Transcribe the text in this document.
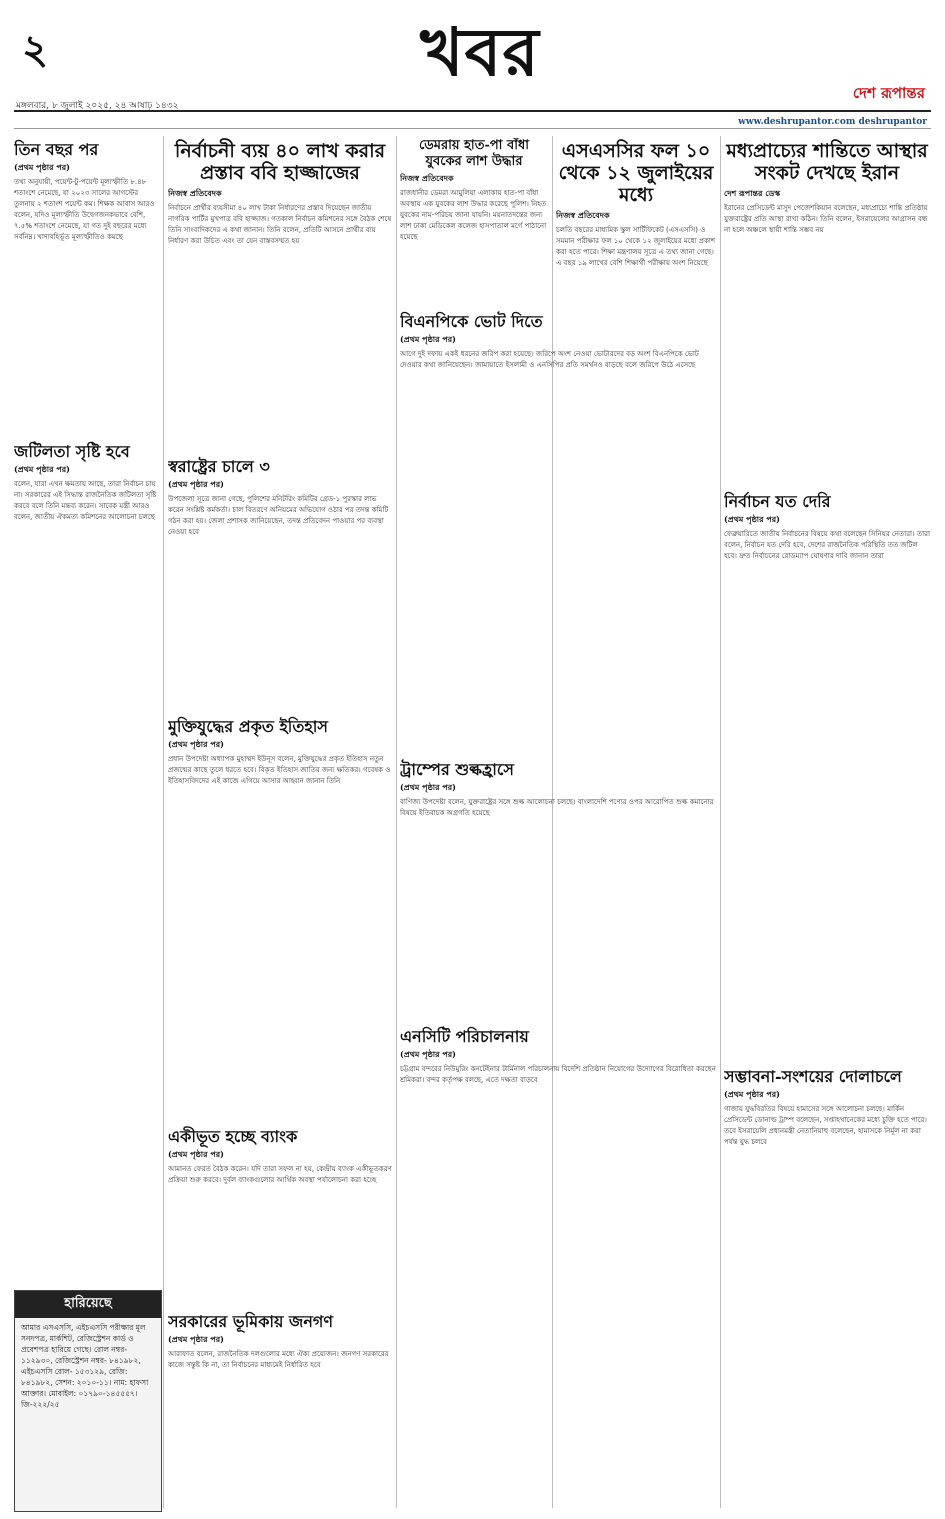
২	খবর
দেশ রূপান্তর
মঙ্গলবার, ৮ জুলাই ২০২৫, ২৪ আষাঢ় ১৪৩২
www.deshrupantor.com deshrupantor
তিন বছর পর
(প্রথম পৃষ্ঠার পর)
তথ্য অনুযায়ী, পয়েন্ট-টু-পয়েন্ট মূল্যস্ফীতি ৮.৪৮ শতাংশে নেমেছে, যা ২০২৩ সালের আগস্টের তুলনায় ২ শতাংশ পয়েন্ট কম। শিক্ষক আবাস আরও বলেন, যদিও মূল্যস্ফীতি উদ্বেগজনকভাবে বেশি, ৭.৫% শতাংশে নেমেছে, যা গত দুই বছরের মধ্যে সর্বনিম্ন। খাদ্যবহির্ভূত মূল্যস্ফীতিও কমছে
জটিলতা সৃষ্টি হবে
(প্রথম পৃষ্ঠার পর)
বলেন, যারা এখন ক্ষমতায় আছে, তারা নির্বাচন চায় না। সরকারের এই সিদ্ধান্ত রাজনৈতিক জটিলতা সৃষ্টি করবে বলে তিনি মন্তব্য করেন। সাবেক মন্ত্রী আরও বলেন, জাতীয় ঐকমত্য কমিশনের আলোচনা চলছে
হারিয়েছে
আমার এসএসসি, এইচএসসি পরীক্ষার মূল সনদপত্র, মার্কশিট, রেজিস্ট্রেশন কার্ড ও প্রবেশপত্র হারিয়ে গেছে। রোল নম্বর- ১১২৯৩০, রেজিস্ট্রেশন নম্বর- ৮৪১৯৮২, এইচএসসি রোল- ১৫৩১২৯, রেজি: ৮৪১৯৮২, সেশন: ২০১০-১১। নাম: হাফসা আক্তার। মোবাইল: ০১৭৯০-১৪৫৫৫৭। জি-২২২/২৫
নির্বাচনী ব্যয় ৪০ লাখ করার প্রস্তাব ববি হাজ্জাজের
নিজস্ব প্রতিবেদক
নির্বাচনে প্রার্থীর ব্যয়সীমা ৪০ লাখ টাকা নির্ধারণের প্রস্তাব দিয়েছেন জাতীয় নাগরিক পার্টির মুখপাত্র ববি হাজ্জাজ। গতকাল নির্বাচন কমিশনের সঙ্গে বৈঠক শেষে তিনি সাংবাদিকদের এ কথা জানান। তিনি বলেন, প্রতিটি আসনে প্রার্থীর ব্যয় নির্ধারণ করা উচিত এবং তা যেন বাস্তবসম্মত হয়
স্বরাষ্ট্রের চালে ৩
(প্রথম পৃষ্ঠার পর)
উপজেলা সূত্রে জানা গেছে, পুলিশের মনিটরিং কমিটির গ্রেড-১ পুরস্কার লাভ করেন সংশ্লিষ্ট কর্মকর্তা। চাল বিতরণে অনিয়মের অভিযোগ ওঠার পর তদন্ত কমিটি গঠন করা হয়। জেলা প্রশাসক জানিয়েছেন, তদন্ত প্রতিবেদন পাওয়ার পর ব্যবস্থা নেওয়া হবে
মুক্তিযুদ্ধের প্রকৃত ইতিহাস
(প্রথম পৃষ্ঠার পর)
প্রধান উপদেষ্টা অধ্যাপক মুহাম্মদ ইউনূস বলেন, মুক্তিযুদ্ধের প্রকৃত ইতিহাস নতুন প্রজন্মের কাছে তুলে ধরতে হবে। বিকৃত ইতিহাস জাতির জন্য ক্ষতিকর। গবেষক ও ইতিহাসবিদদের এই কাজে এগিয়ে আসার আহ্বান জানান তিনি
একীভূত হচ্ছে ব্যাংক
(প্রথম পৃষ্ঠার পর)
আমানত ফেরত বৈঠক করেন। যদি তারা সফল না হয়, কেন্দ্রীয় ব্যাংক একীভূতকরণ প্রক্রিয়া শুরু করবে। দুর্বল ব্যাংকগুলোর আর্থিক অবস্থা পর্যালোচনা করা হচ্ছে
সরকারের ভূমিকায় জনগণ
(প্রথম পৃষ্ঠার পর)
আরাফাত বলেন, রাজনৈতিক দলগুলোর মধ্যে ঐক্য প্রয়োজন। জনগণ সরকারের কাজে সন্তুষ্ট কি না, তা নির্বাচনের মাধ্যমেই নির্ধারিত হবে
ডেমরায় হাত-পা বাঁধা যুবকের লাশ উদ্ধার
নিজস্ব প্রতিবেদক
রাজধানীর ডেমরা আমুলিয়া এলাকায় হাত-পা বাঁধা অবস্থায় এক যুবকের লাশ উদ্ধার করেছে পুলিশ। নিহত যুবকের নাম-পরিচয় জানা যায়নি। ময়নাতদন্তের জন্য লাশ ঢাকা মেডিকেল কলেজ হাসপাতাল মর্গে পাঠানো হয়েছে
এসএসসির ফল ১০ থেকে ১২ জুলাইয়ের মধ্যে
নিজস্ব প্রতিবেদক
চলতি বছরের মাধ্যমিক স্কুল সার্টিফিকেট (এসএসসি) ও সমমান পরীক্ষার ফল ১০ থেকে ১২ জুলাইয়ের মধ্যে প্রকাশ করা হতে পারে। শিক্ষা মন্ত্রণালয় সূত্রে এ তথ্য জানা গেছে। এ বছর ১৯ লাখের বেশি শিক্ষার্থী পরীক্ষায় অংশ নিয়েছে
বিএনপিকে ভোট দিতে
(প্রথম পৃষ্ঠার পর)
আগে দুই দফায় একই ধরনের জরিপ করা হয়েছে। জরিপে অংশ নেওয়া ভোটারদের বড় অংশ বিএনপিকে ভোট দেওয়ার কথা জানিয়েছেন। জামায়াতে ইসলামী ও এনসিপির প্রতি সমর্থনও বাড়ছে বলে জরিপে উঠে এসেছে
ট্রাম্পের শুল্কহ্রাসে
(প্রথম পৃষ্ঠার পর)
বাণিজ্য উপদেষ্টা বলেন, যুক্তরাষ্ট্রের সঙ্গে শুল্ক আলোচনা চলছে। বাংলাদেশি পণ্যের ওপর আরোপিত শুল্ক কমানোর বিষয়ে ইতিবাচক অগ্রগতি হয়েছে
এনসিটি পরিচালনায়
(প্রথম পৃষ্ঠার পর)
চট্টগ্রাম বন্দরের নিউমুরিং কনটেইনার টার্মিনাল পরিচালনায় বিদেশি প্রতিষ্ঠান নিয়োগের উদ্যোগের বিরোধিতা করছেন শ্রমিকরা। বন্দর কর্তৃপক্ষ বলছে, এতে দক্ষতা বাড়বে
মধ্যপ্রাচ্যের শান্তিতে আস্থার সংকট দেখছে ইরান
দেশ রূপান্তর ডেস্ক
ইরানের প্রেসিডেন্ট মাসুদ পেজেশকিয়ান বলেছেন, মধ্যপ্রাচ্যে শান্তি প্রতিষ্ঠায় যুক্তরাষ্ট্রের প্রতি আস্থা রাখা কঠিন। তিনি বলেন, ইসরায়েলের আগ্রাসন বন্ধ না হলে অঞ্চলে স্থায়ী শান্তি সম্ভব নয়
নির্বাচন যত দেরি
(প্রথম পৃষ্ঠার পর)
ফেব্রুয়ারিতে জাতীয় নির্বাচনের বিষয়ে কথা বলেছেন সিনিয়র নেতারা। তারা বলেন, নির্বাচন যত দেরি হবে, দেশের রাজনৈতিক পরিস্থিতি তত জটিল হবে। দ্রুত নির্বাচনের রোডম্যাপ ঘোষণার দাবি জানান তারা
সম্ভাবনা-সংশয়ের দোলাচলে
(প্রথম পৃষ্ঠার পর)
গাজায় যুদ্ধবিরতির বিষয়ে হামাসের সঙ্গে আলোচনা চলছে। মার্কিন প্রেসিডেন্ট ডোনাল্ড ট্রাম্প বলেছেন, সপ্তাহখানেকের মধ্যে চুক্তি হতে পারে। তবে ইসরায়েলি প্রধানমন্ত্রী নেতানিয়াহু বলেছেন, হামাসকে নির্মূল না করা পর্যন্ত যুদ্ধ চলবে
